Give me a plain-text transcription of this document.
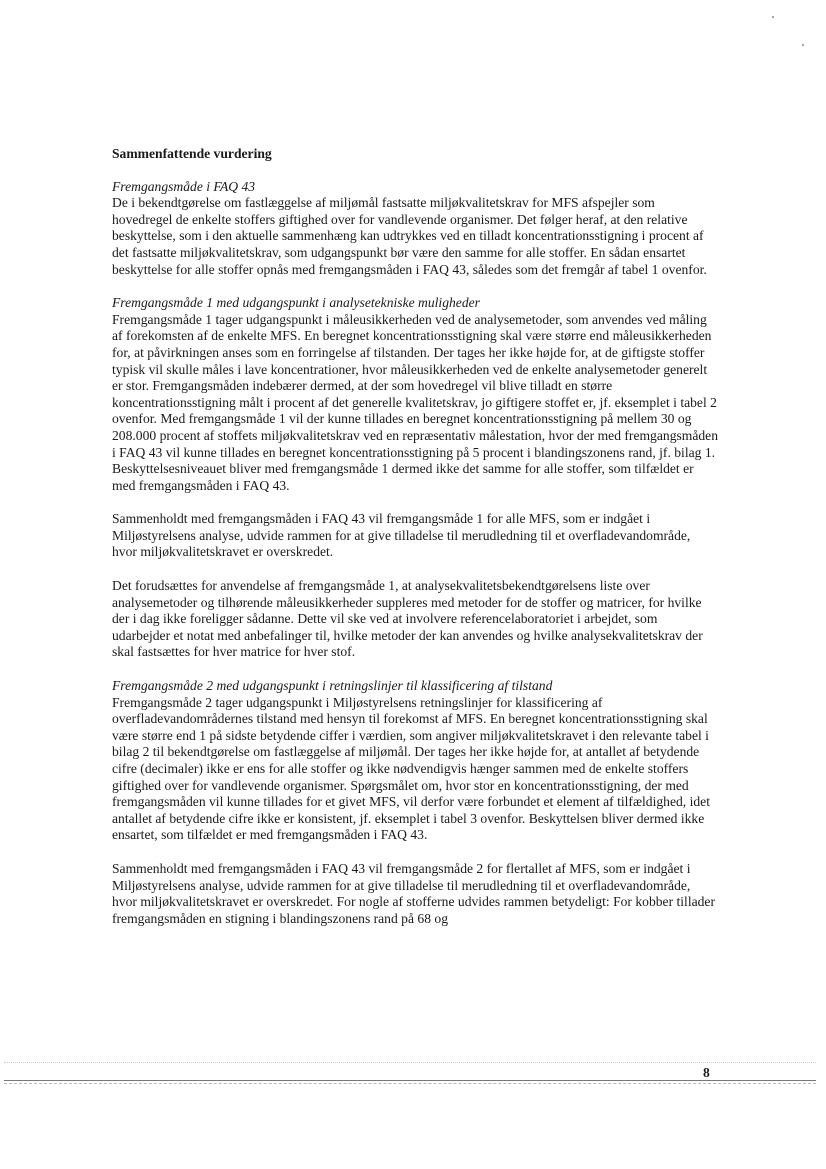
Sammenfattende vurdering

Fremgangsmåde i FAQ 43

De i bekendtgørelse om fastlæggelse af miljømål fastsatte miljøkvalitetskrav for MFS afspejler som hovedregel de enkelte stoffers giftighed over for vandlevende organismer. Det følger heraf, at den relative beskyttelse, som i den aktuelle sammenhæng kan udtrykkes ved en tilladt koncentrationsstigning i procent af det fastsatte miljøkvalitetskrav, som udgangspunkt bør være den samme for alle stoffer. En sådan ensartet beskyttelse for alle stoffer opnås med fremgangsmåden i FAQ 43, således som det fremgår af tabel 1 ovenfor.

Fremgangsmåde 1 med udgangspunkt i analysetekniske muligheder

Fremgangsmåde 1 tager udgangspunkt i måleusikkerheden ved de analysemetoder, som anvendes ved måling af forekomsten af de enkelte MFS. En beregnet koncentrationsstigning skal være større end måleusikkerheden for, at påvirkningen anses som en forringelse af tilstanden. Der tages her ikke højde for, at de giftigste stoffer typisk vil skulle måles i lave koncentrationer, hvor måleusikkerheden ved de enkelte analysemetoder generelt er stor. Fremgangsmåden indebærer dermed, at der som hovedregel vil blive tilladt en større koncentrationsstigning målt i procent af det generelle kvalitetskrav, jo giftigere stoffet er, jf. eksemplet i tabel 2 ovenfor. Med fremgangsmåde 1 vil der kunne tillades en beregnet koncentrationsstigning på mellem 30 og 208.000 procent af stoffets miljøkvalitetskrav ved en repræsentativ målestation, hvor der med fremgangsmåden i FAQ 43 vil kunne tillades en beregnet koncentrationsstigning på 5 procent i blandingszonens rand, jf. bilag 1. Beskyttelsesniveauet bliver med fremgangsmåde 1 dermed ikke det samme for alle stoffer, som tilfældet er med fremgangsmåden i FAQ 43.

Sammenholdt med fremgangsmåden i FAQ 43 vil fremgangsmåde 1 for alle MFS, som er indgået i Miljøstyrelsens analyse, udvide rammen for at give tilladelse til merudledning til et overfladevandområde, hvor miljøkvalitetskravet er overskredet.

Det forudsættes for anvendelse af fremgangsmåde 1, at analysekvalitetsbekendtgørelsens liste over analysemetoder og tilhørende måleusikkerheder suppleres med metoder for de stoffer og matricer, for hvilke der i dag ikke foreligger sådanne. Dette vil ske ved at involvere referencelaboratoriet i arbejdet, som udarbejder et notat med anbefalinger til, hvilke metoder der kan anvendes og hvilke analysekvalitetskrav der skal fastsættes for hver matrice for hver stof.

Fremgangsmåde 2 med udgangspunkt i retningslinjer til klassificering af tilstand

Fremgangsmåde 2 tager udgangspunkt i Miljøstyrelsens retningslinjer for klassificering af overfladevandområdernes tilstand med hensyn til forekomst af MFS. En beregnet koncentrationsstigning skal være større end 1 på sidste betydende ciffer i værdien, som angiver miljøkvalitetskravet i den relevante tabel i bilag 2 til bekendtgørelse om fastlæggelse af miljømål. Der tages her ikke højde for, at antallet af betydende cifre (decimaler) ikke er ens for alle stoffer og ikke nødvendigvis hænger sammen med de enkelte stoffers giftighed over for vandlevende organismer. Spørgsmålet om, hvor stor en koncentrationsstigning, der med fremgangsmåden vil kunne tillades for et givet MFS, vil derfor være forbundet et element af tilfældighed, idet antallet af betydende cifre ikke er konsistent, jf. eksemplet i tabel 3 ovenfor. Beskyttelsen bliver dermed ikke ensartet, som tilfældet er med fremgangsmåden i FAQ 43.

Sammenholdt med fremgangsmåden i FAQ 43 vil fremgangsmåde 2 for flertallet af MFS, som er indgået i Miljøstyrelsens analyse, udvide rammen for at give tilladelse til merudledning til et overfladevandområde, hvor miljøkvalitetskravet er overskredet. For nogle af stofferne udvides rammen betydeligt: For kobber tillader fremgangsmåden en stigning i blandingszonens rand på 68 og

8
